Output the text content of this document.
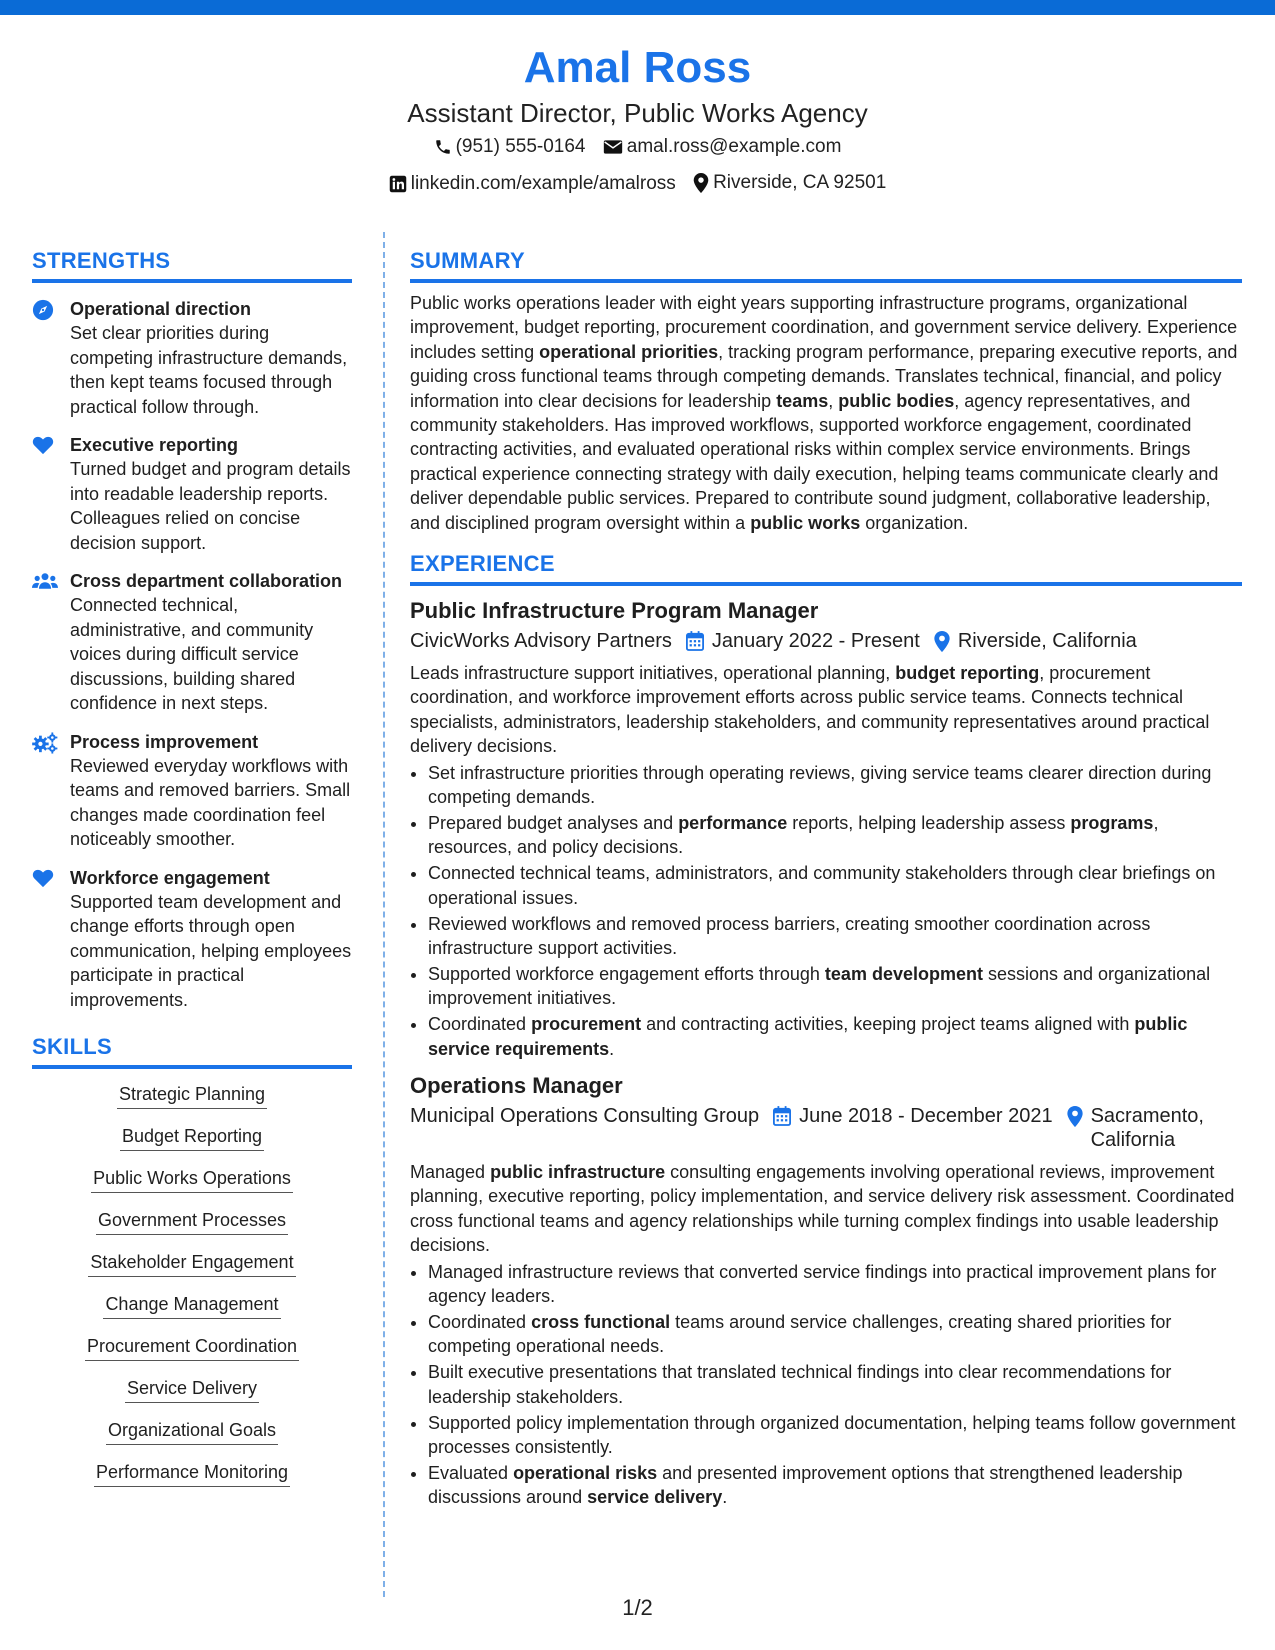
Amal Ross
Assistant Director, Public Works Agency
(951) 555-0164
amal.ross@example.com
linkedin.com/example/amalross
Riverside, CA 92501
STRENGTHS
Operational direction
Set clear priorities during competing infrastructure demands, then kept teams focused through practical follow through.
Executive reporting
Turned budget and program details into readable leadership reports. Colleagues relied on concise decision support.
Cross department collaboration
Connected technical, administrative, and community voices during difficult service discussions, building shared confidence in next steps.
Process improvement
Reviewed everyday workflows with teams and removed barriers. Small changes made coordination feel noticeably smoother.
Workforce engagement
Supported team development and change efforts through open communication, helping employees participate in practical improvements.
SKILLS
Strategic Planning
Budget Reporting
Public Works Operations
Government Processes
Stakeholder Engagement
Change Management
Procurement Coordination
Service Delivery
Organizational Goals
Performance Monitoring
SUMMARY
Public works operations leader with eight years supporting infrastructure programs, organizational improvement, budget reporting, procurement coordination, and government service delivery. Experience includes setting operational priorities, tracking program performance, preparing executive reports, and guiding cross functional teams through competing demands. Translates technical, financial, and policy information into clear decisions for leadership teams, public bodies, agency representatives, and community stakeholders. Has improved workflows, supported workforce engagement, coordinated contracting activities, and evaluated operational risks within complex service environments. Brings practical experience connecting strategy with daily execution, helping teams communicate clearly and deliver dependable public services. Prepared to contribute sound judgment, collaborative leadership, and disciplined program oversight within a public works organization.
EXPERIENCE
Public Infrastructure Program Manager
CivicWorks Advisory Partners January 2022 - Present Riverside, California
Leads infrastructure support initiatives, operational planning, budget reporting, procurement coordination, and workforce improvement efforts across public service teams. Connects technical specialists, administrators, leadership stakeholders, and community representatives around practical delivery decisions.
• Set infrastructure priorities through operating reviews, giving service teams clearer direction during competing demands.
• Prepared budget analyses and performance reports, helping leadership assess programs, resources, and policy decisions.
• Connected technical teams, administrators, and community stakeholders through clear briefings on operational issues.
• Reviewed workflows and removed process barriers, creating smoother coordination across infrastructure support activities.
• Supported workforce engagement efforts through team development sessions and organizational improvement initiatives.
• Coordinated procurement and contracting activities, keeping project teams aligned with public service requirements.
Operations Manager
Municipal Operations Consulting Group June 2018 - December 2021 Sacramento, California
Managed public infrastructure consulting engagements involving operational reviews, improvement planning, executive reporting, policy implementation, and service delivery risk assessment. Coordinated cross functional teams and agency relationships while turning complex findings into usable leadership decisions.
• Managed infrastructure reviews that converted service findings into practical improvement plans for agency leaders.
• Coordinated cross functional teams around service challenges, creating shared priorities for competing operational needs.
• Built executive presentations that translated technical findings into clear recommendations for leadership stakeholders.
• Supported policy implementation through organized documentation, helping teams follow government processes consistently.
• Evaluated operational risks and presented improvement options that strengthened leadership discussions around service delivery.
1/2
